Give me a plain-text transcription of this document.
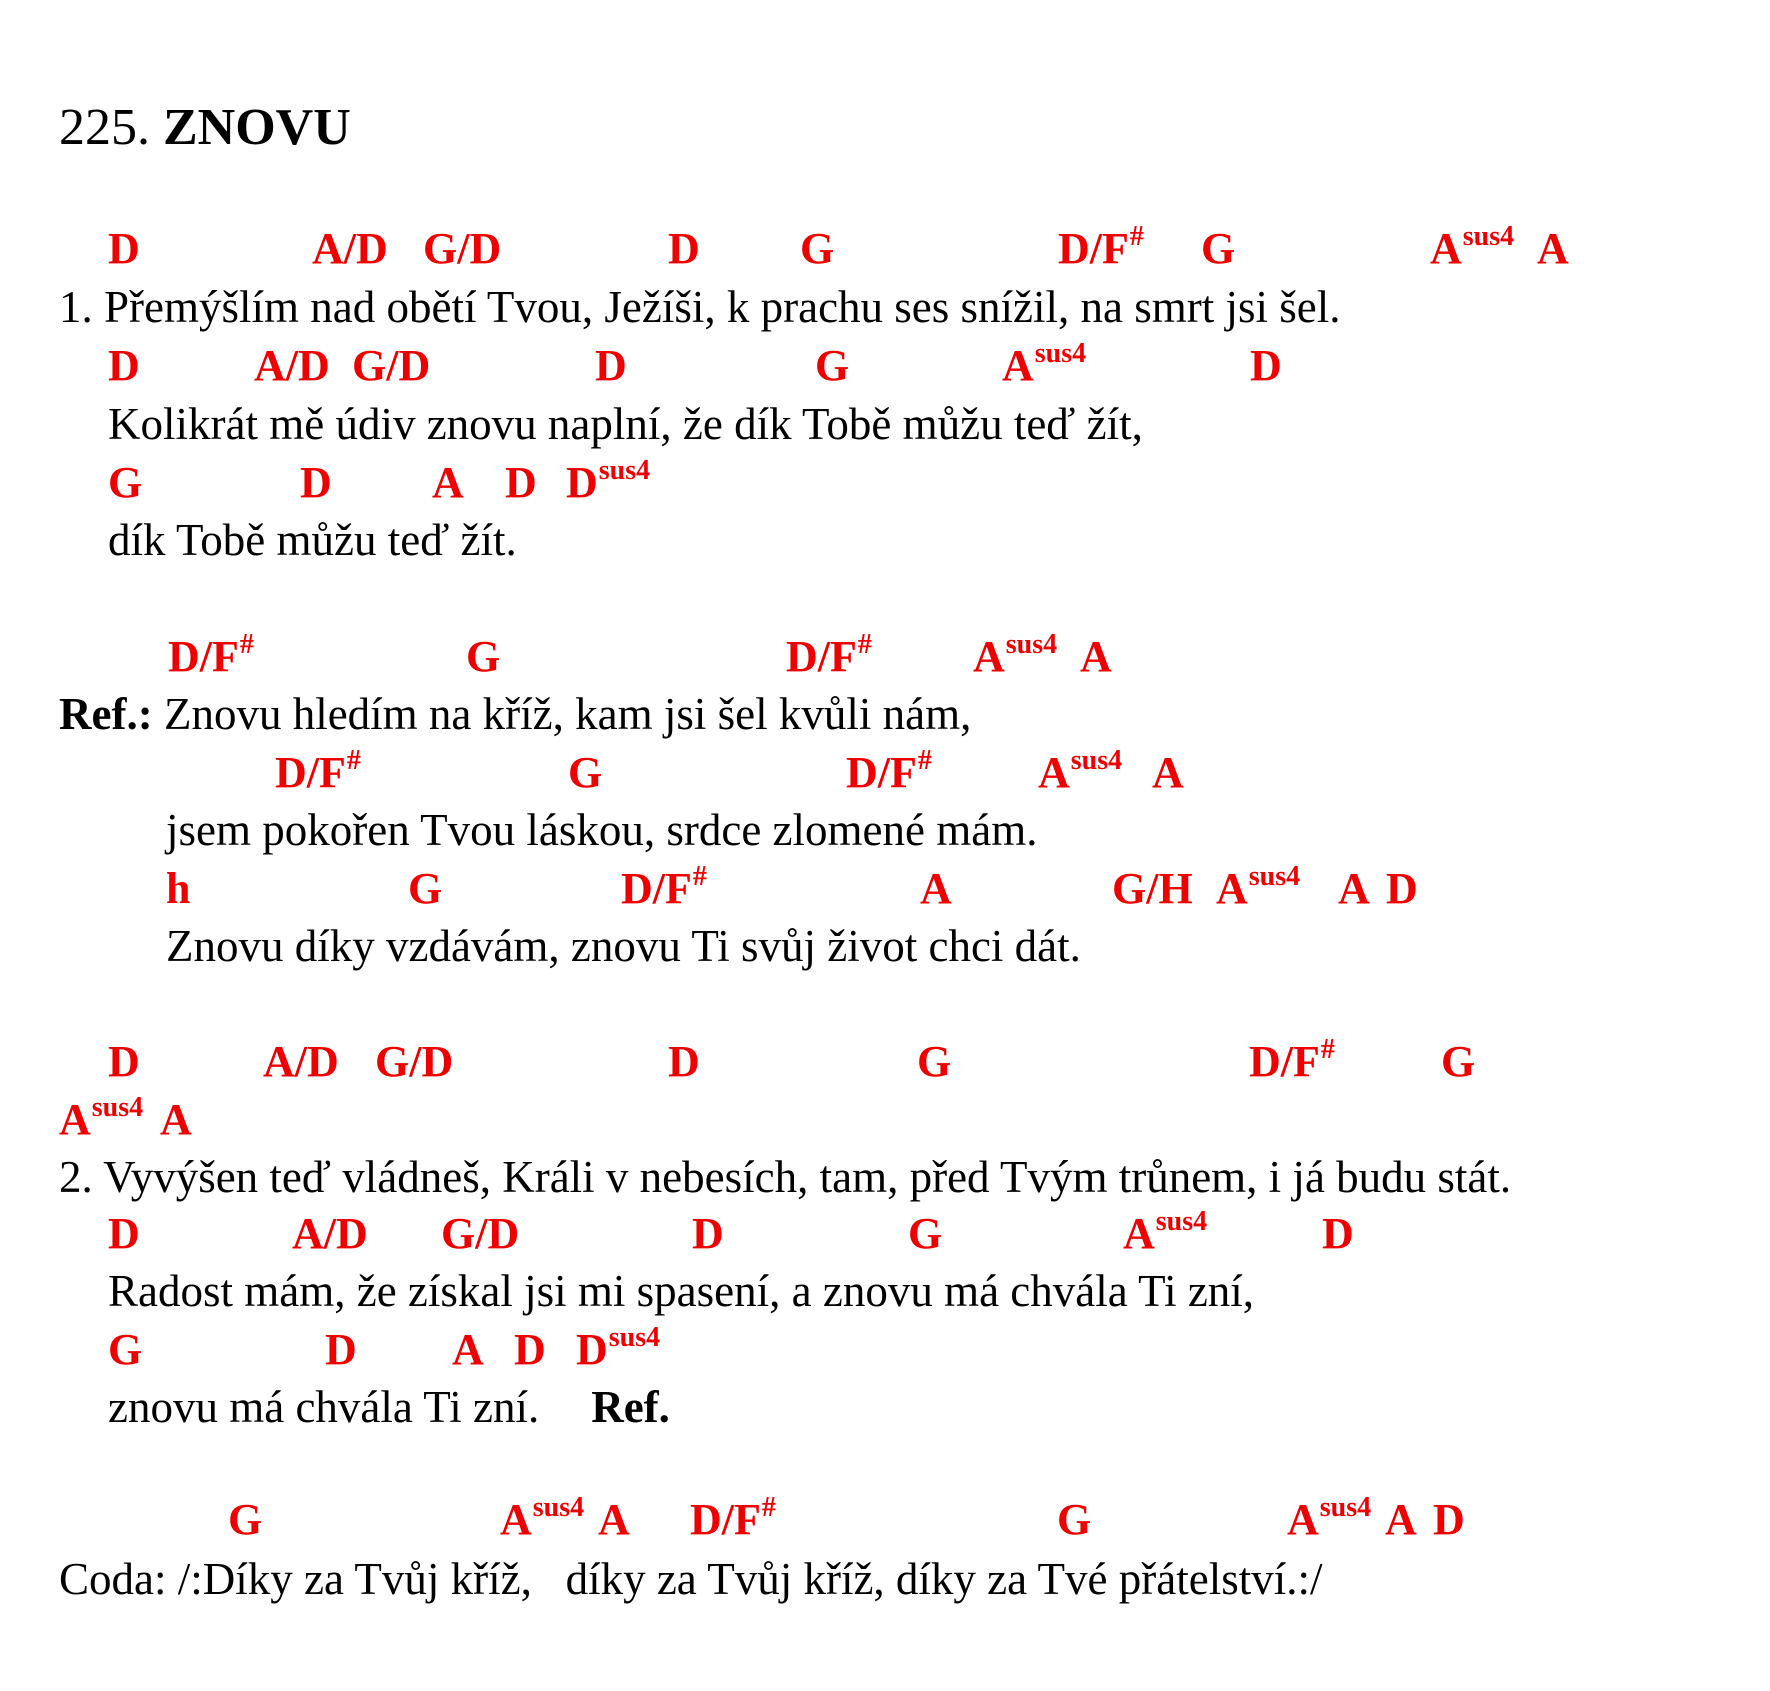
225. ZNOVU
D	A/D G/D	D G	D/F# G	$A^{sus4}$ A
1. Přemýšlím nad obětí Tvou, Ježíši, k prachu ses snížil, na smrt jsi šel.
D	A/D G/D	D	G	$A^{sus4}$	D
Kolikrát mě údiv znovu naplní, že dík Tobě můžu teď žít,
G	D A D $D^{sus4}$
dík Tobě můžu teď žít.
D/F#	G	D/F# $A^{sus4}$ A
Ref.: Znovu hledím na kříž, kam jsi šel kvůli nám,
D/F#	G	D/F# $A^{sus4}$ A
jsem pokořen Tvou láskou, srdce zlomené mám.
h	G	D/F#	A	G/H $A^{sus4}$ A D
Znovu díky vzdávám, znovu Ti svůj život chci dát.
D	A/D G/D	D	G	D/F# G
$A^{sus4}$ A
2. Vyvýšen teď vládneš, Králi v nebesích, tam, před Tvým trůnem, i já budu stát.
D	A/D G/D	D	G	$A^{sus4}$	D
Radost mám, že získal jsi mi spasení, a znovu má chvála Ti zní,
G	D A D $D^{sus4}$
znovu má chvála Ti zní. Ref.
G	$A^{sus4}$ A D/F#	G	$A^{sus4}$ A D
Coda: /:Díky za Tvůj kříž,   díky za Tvůj kříž, díky za Tvé přátelství.:/
